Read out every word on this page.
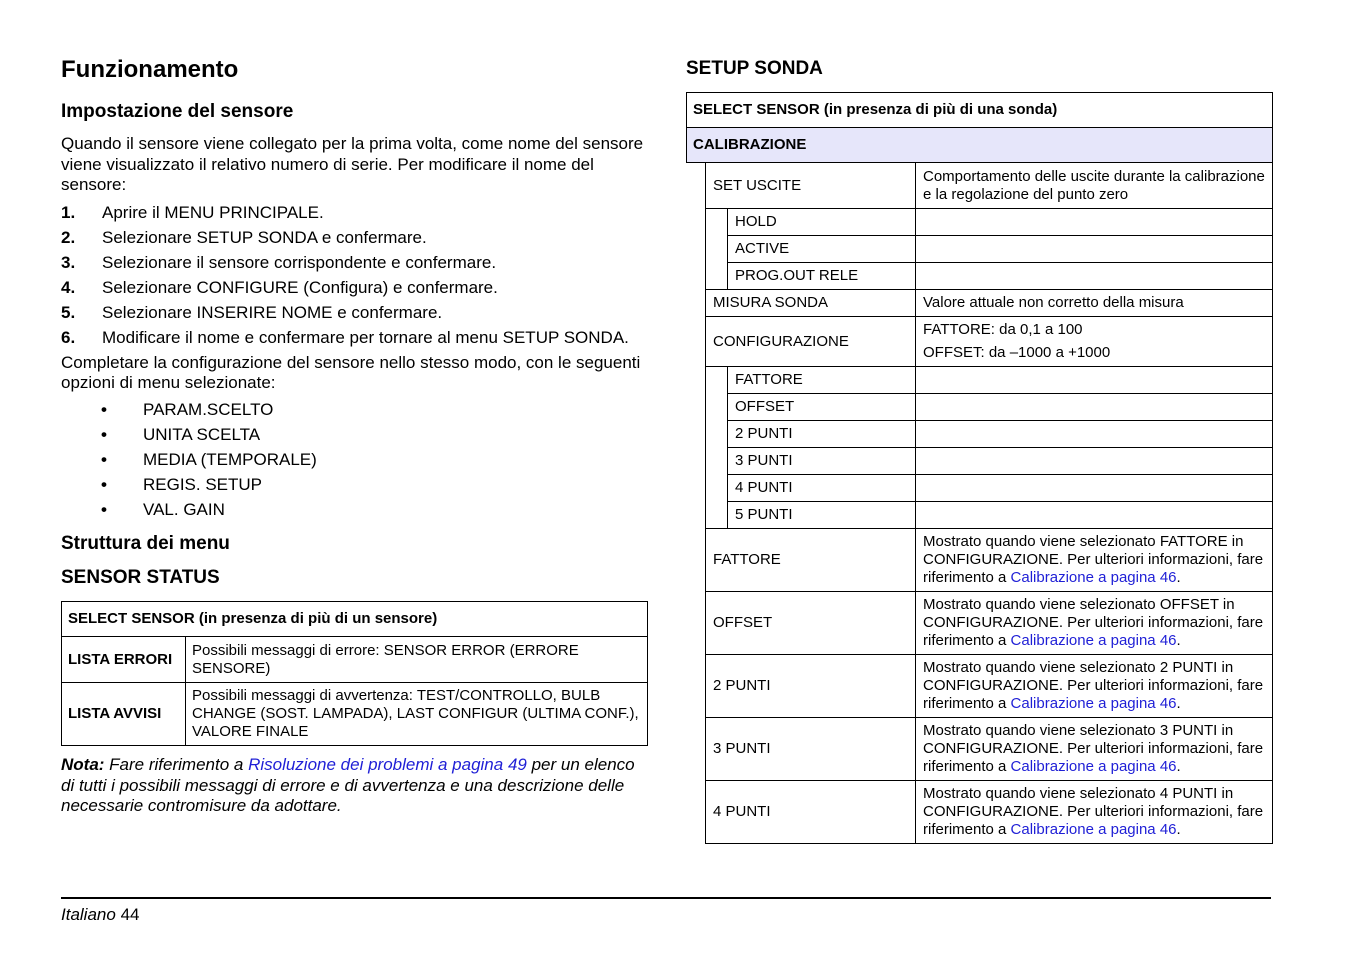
Funzionamento
Impostazione del sensore

Quando il sensore viene collegato per la prima volta, come nome del sensore viene visualizzato il relativo numero di serie. Per modificare il nome del sensore:

1. Aprire il MENU PRINCIPALE.
2. Selezionare SETUP SONDA e confermare.
3. Selezionare il sensore corrispondente e confermare.
4. Selezionare CONFIGURE (Configura) e confermare.
5. Selezionare INSERIRE NOME e confermare.
6. Modificare il nome e confermare per tornare al menu SETUP SONDA.

Completare la configurazione del sensore nello stesso modo, con le seguenti opzioni di menu selezionate:

• PARAM.SCELTO
• UNITA SCELTA
• MEDIA (TEMPORALE)
• REGIS. SETUP
• VAL. GAIN
Struttura dei menu
SENSOR STATUS
SELECT SENSOR (in presenza di più di un sensore)	
LISTA ERRORI	Possibili messaggi di errore: SENSOR ERROR (ERRORE SENSORE)
LISTA AVVISI	Possibili messaggi di avvertenza: TEST/CONTROLLO, BULB CHANGE (SOST. LAMPADA), LAST CONFIGUR (ULTIMA CONF.), VALORE FINALE

Nota: Fare riferimento a Risoluzione dei problemi a pagina 49 per un elenco di tutti i possibili messaggi di errore e di avvertenza e una descrizione delle necessarie contromisure da adottare.

SETUP SONDA
SELECT SENSOR (in presenza di più di una sonda)
CALIBRAZIONE
SET USCITE		Comportamento delle uscite durante la calibrazione e la regolazione del punto zero
	HOLD	
	ACTIVE	
	PROG.OUT RELE	
MISURA SONDA		Valore attuale non corretto della misura
CONFIGURAZIONE		FATTORE: da 0,1 a 100
OFFSET: da –1000 a +1000

	FATTORE	
	OFFSET	
	2 PUNTI	
	3 PUNTI	
	4 PUNTI	
	5 PUNTI	
FATTORE		Mostrato quando viene selezionato FATTORE in CONFIGURAZIONE. Per ulteriori informazioni, fare riferimento a Calibrazione a pagina 46.
OFFSET		Mostrato quando viene selezionato OFFSET in CONFIGURAZIONE. Per ulteriori informazioni, fare riferimento a Calibrazione a pagina 46.
2 PUNTI		Mostrato quando viene selezionato 2 PUNTI in CONFIGURAZIONE. Per ulteriori informazioni, fare riferimento a Calibrazione a pagina 46.
3 PUNTI		Mostrato quando viene selezionato 3 PUNTI in CONFIGURAZIONE. Per ulteriori informazioni, fare riferimento a Calibrazione a pagina 46.
4 PUNTI		Mostrato quando viene selezionato 4 PUNTI in CONFIGURAZIONE. Per ulteriori informazioni, fare riferimento a Calibrazione a pagina 46.
Italiano 44
